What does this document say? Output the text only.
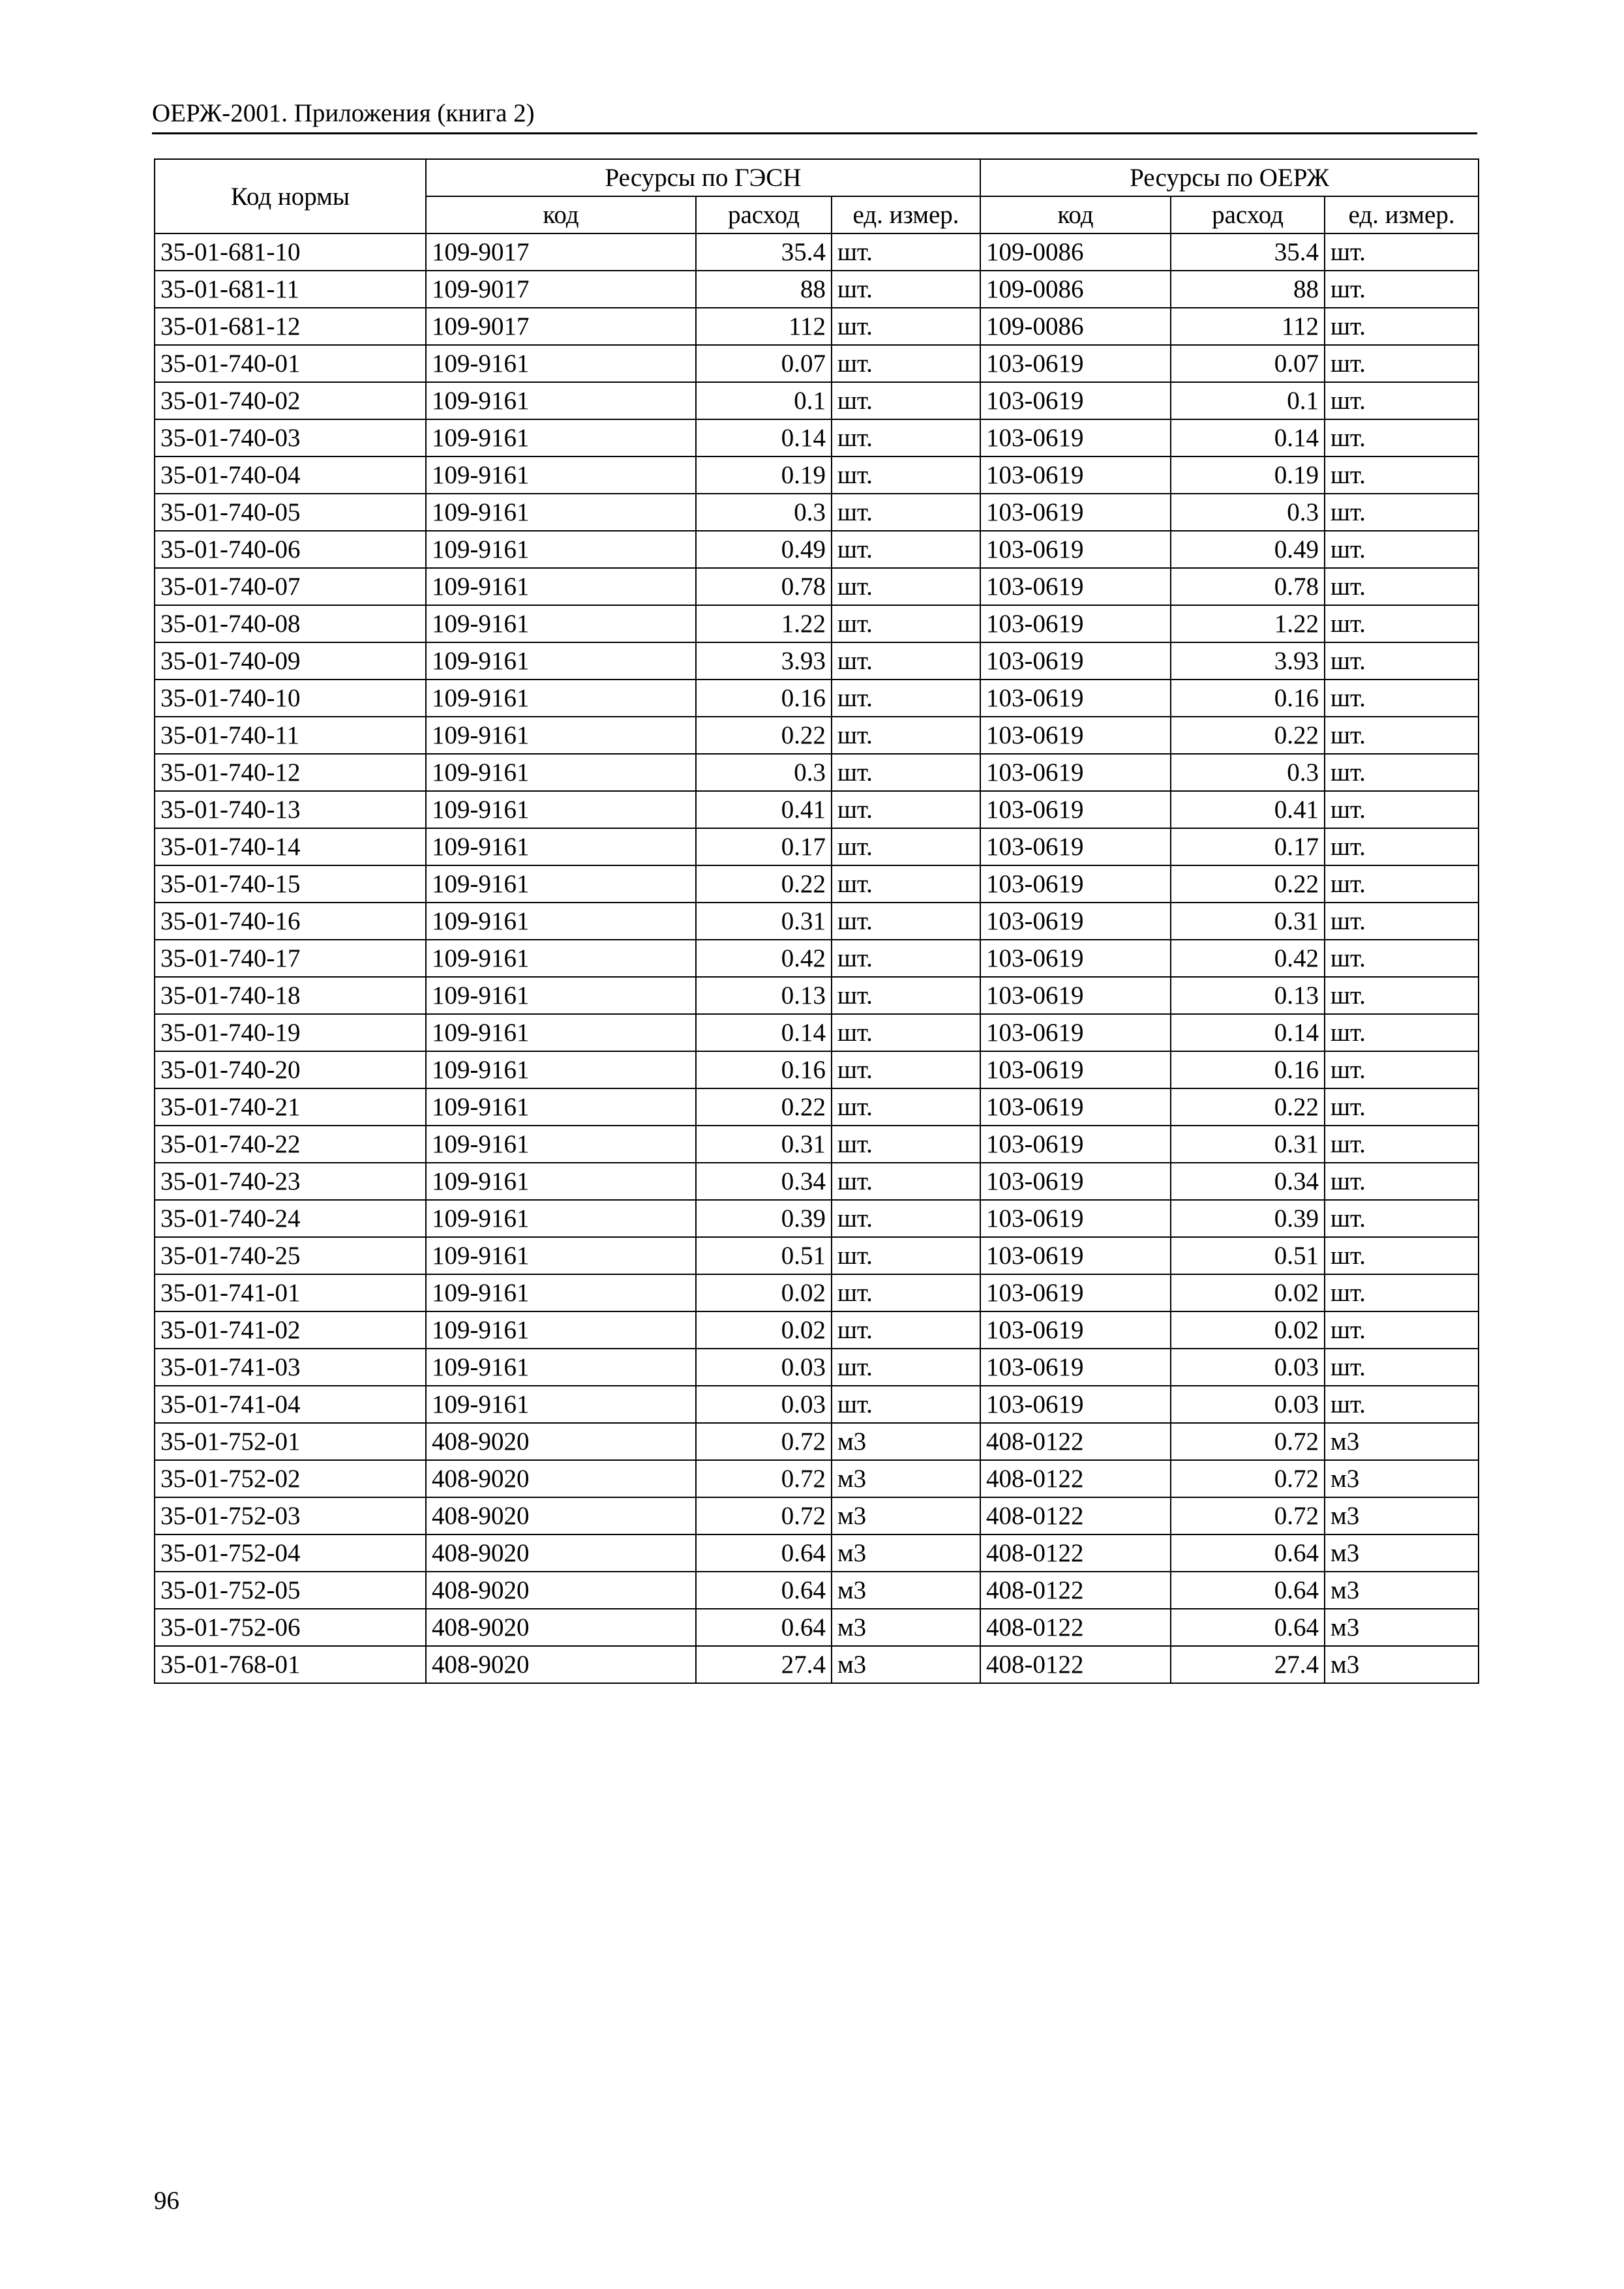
ОЕРЖ-2001. Приложения (книга 2)
Код нормы	Ресурсы по ГЭСН			Ресурсы по ОЕРЖ		
	код	расход	ед. измер.	код	расход	ед. измер.
35-01-681-10	109-9017	35.4	шт.	109-0086	35.4	шт.
35-01-681-11	109-9017	88	шт.	109-0086	88	шт.
35-01-681-12	109-9017	112	шт.	109-0086	112	шт.
35-01-740-01	109-9161	0.07	шт.	103-0619	0.07	шт.
35-01-740-02	109-9161	0.1	шт.	103-0619	0.1	шт.
35-01-740-03	109-9161	0.14	шт.	103-0619	0.14	шт.
35-01-740-04	109-9161	0.19	шт.	103-0619	0.19	шт.
35-01-740-05	109-9161	0.3	шт.	103-0619	0.3	шт.
35-01-740-06	109-9161	0.49	шт.	103-0619	0.49	шт.
35-01-740-07	109-9161	0.78	шт.	103-0619	0.78	шт.
35-01-740-08	109-9161	1.22	шт.	103-0619	1.22	шт.
35-01-740-09	109-9161	3.93	шт.	103-0619	3.93	шт.
35-01-740-10	109-9161	0.16	шт.	103-0619	0.16	шт.
35-01-740-11	109-9161	0.22	шт.	103-0619	0.22	шт.
35-01-740-12	109-9161	0.3	шт.	103-0619	0.3	шт.
35-01-740-13	109-9161	0.41	шт.	103-0619	0.41	шт.
35-01-740-14	109-9161	0.17	шт.	103-0619	0.17	шт.
35-01-740-15	109-9161	0.22	шт.	103-0619	0.22	шт.
35-01-740-16	109-9161	0.31	шт.	103-0619	0.31	шт.
35-01-740-17	109-9161	0.42	шт.	103-0619	0.42	шт.
35-01-740-18	109-9161	0.13	шт.	103-0619	0.13	шт.
35-01-740-19	109-9161	0.14	шт.	103-0619	0.14	шт.
35-01-740-20	109-9161	0.16	шт.	103-0619	0.16	шт.
35-01-740-21	109-9161	0.22	шт.	103-0619	0.22	шт.
35-01-740-22	109-9161	0.31	шт.	103-0619	0.31	шт.
35-01-740-23	109-9161	0.34	шт.	103-0619	0.34	шт.
35-01-740-24	109-9161	0.39	шт.	103-0619	0.39	шт.
35-01-740-25	109-9161	0.51	шт.	103-0619	0.51	шт.
35-01-741-01	109-9161	0.02	шт.	103-0619	0.02	шт.
35-01-741-02	109-9161	0.02	шт.	103-0619	0.02	шт.
35-01-741-03	109-9161	0.03	шт.	103-0619	0.03	шт.
35-01-741-04	109-9161	0.03	шт.	103-0619	0.03	шт.
35-01-752-01	408-9020	0.72	м3	408-0122	0.72	м3
35-01-752-02	408-9020	0.72	м3	408-0122	0.72	м3
35-01-752-03	408-9020	0.72	м3	408-0122	0.72	м3
35-01-752-04	408-9020	0.64	м3	408-0122	0.64	м3
35-01-752-05	408-9020	0.64	м3	408-0122	0.64	м3
35-01-752-06	408-9020	0.64	м3	408-0122	0.64	м3
35-01-768-01	408-9020	27.4	м3	408-0122	27.4	м3
96
